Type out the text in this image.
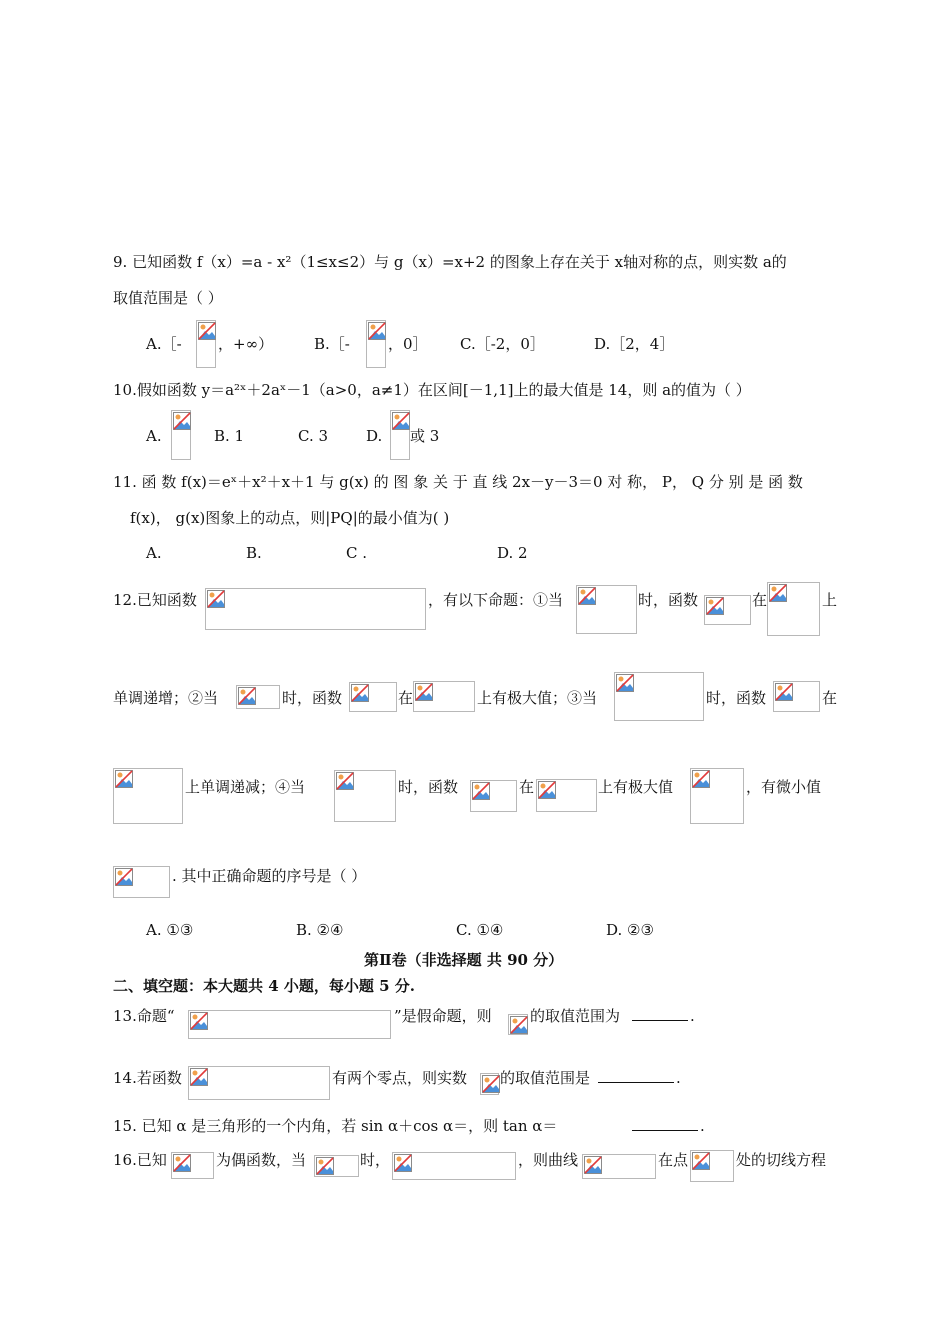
9. 已知函数 f（x）=a - x²（1≤x≤2）与 g（x）=x+2 的图象上存在关于 x轴对称的点，则实数 a的
取值范围是（ ）
A.［- ，+∞）	B.［-	，0］ C.［-2，0］	D.［2，4］
10.假如函数 y＝a²ˣ＋2aˣ－1（a>0，a≠1）在区间[－1,1]上的最大值是 14，则 a的值为（ ）
A.	B. 1	C. 3	D. 或 3
11. 函 数 f(x)＝eˣ＋x²＋x＋1 与 g(x) 的 图 象 关 于 直 线 2x－y－3＝0 对 称， P， Q 分 别 是 函 数
f(x)， g(x)图象上的动点，则|PQ|的最小值为( )
A.	B.	C .	D. 2
12.已知函数	，有以下命题：①当	时，函数	在	上
单调递增；②当	时，函数	在	上有极大值；③当	时，函数	在
上单调递减；④当	时，函数	在	上有极大值	，有微小值
. 其中正确命题的序号是（ ）
A. ①③	B. ②④	C. ①④	D. ②③
第Ⅱ卷（非选择题 共 90 分）
二、填空题：本大题共 4 小题，每小题 5 分.
13.命题“	”是假命题，则	的取值范围为	.
14.若函数	有两个零点，则实数 的取值范围是	.
15. 已知 α 是三角形的一个内角，若 sin α＋cos α＝，则 tan α＝	.
16.已知	为偶函数，当	时，	，则曲线	在点	处的切线方程
